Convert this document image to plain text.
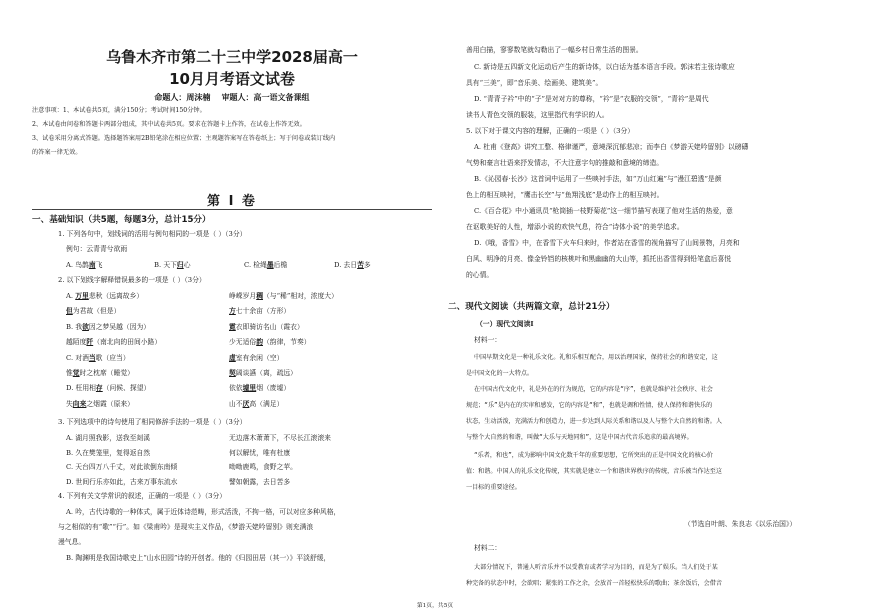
乌鲁木齐市第二十三中学2028届高一
10月月考语文试卷
命题人：周沫楠 审题人：高一语文备课组
注意事项：1、本试卷共5页，满分150分；考试时间150分钟。
2、本试卷由问卷和答题卡两部分组成，其中试卷共5页。要求在答题卡上作答，在试卷上作答无效。
3、试卷采用分离式答题。选择题答案用2B铅笔涂在相应位置；主观题答案写在答卷纸上；写于问卷或装订线内
的答案一律无效。
第 Ⅰ 卷
一、基础知识（共5题，每题3分，总计15分）
1. 下列各句中，划线词的活用与例句相同的一项是（ ）（3分）
例句：云青青兮欲雨
A. 鸟鹊南飞	B. 天下归心	C. 检绳墨后檐	D. 去日苦多
2. 以下划线字解释错误最多的一项是（ ）（3分）
A. 万里悲秋（远离故乡）	峥嵘岁月稠（与“稀”相对，浓度大）
但为君故（但是）	方七十余亩（方形）
B. 我欲因之梦吴越（因为）	霓衣即骑访名山（霞衣）
越陌度阡（南北向的田间小路）	少无适俗韵（韵律，节奏）
C. 对酒当歌（应当）	虚室有余闲（空）
惟觉时之枕席（睡觉）	契阔谈讌（离，疏远）
D. 枉用相存（问候、探望）	依依墟里烟（废墟）
失向来之烟霞（原来）	山不厌高（满足）
3. 下列选项中的诗句使用了相同修辞手法的一项是（ ）（3分）
A. 湖月照我影，送我至剡溪	无边落木萧萧下，不尽长江滚滚来
B. 久在樊笼里，复得返自然	何以解忧，唯有杜康
C. 天台四万八千丈，对此欲倒东南倾	呦呦鹿鸣，食野之苹。
D. 世间行乐亦如此，古来万事东流水	譬如朝露，去日苦多
4. 下列有关文学常识的叙述，正确的一项是（ ）（3分）
A. 吟，古代诗歌的一种体式，属于近体诗范畴，形式活泼，不拘一格，可以对应多种风格，
与之相似的有“歌”“行”。如《梁甫吟》是现实主义作品，《梦游天姥吟留别》则充满浪
漫气息。
B. 陶渊明是我国诗歌史上“山水田园”诗的开创者。他的《归园田居（其一）》平淡舒缓，
善用白描，寥寥数笔就勾勒出了一幅乡村日常生活的图景。
C. 新诗是五四新文化运动后产生的新诗体，以白话为基本语言手段。郭沫若主张诗歌应
具有“三美”，即“音乐美、绘画美、建筑美”。
D. “青青子衿”中的“子”是对对方的尊称，“衿”是“衣服的交领”，“青衿”是周代
读书人青色交领的服装，这里指代有学识的人。
5. 以下对于课文内容的理解，正确的一项是（ ）（3分）
A. 杜甫《登高》讲究工整、格律谨严，意境深沉郁悲凉；而李白《梦游天姥吟留别》以磅礴
气势和豪言壮语来抒发情志，不大注意字句的推敲和意境的缔造。
B.《沁园春·长沙》这首词中运用了一些映衬手法，如“万山红遍”与“漫江碧透”是颜
色上的相互映衬，“鹰击长空”与“鱼翔浅底”是动作上的相互映衬。
C.《百合花》中小通讯员“枪筒插一枝野菊花”这一细节描写表现了他对生活的热爱，意
在讴歌美好的人性，增添小说的欢快气息，符合“诗体小说”的美学追求。
D.《哦，香雪》中，在香雪下火车归来时，作者站在香雪的视角描写了山间景物，月亮和
白风、明净的月亮、像金铃铛的核桃叶和黑幽幽的大山等，抓托出香雪得到铅笔盒后喜悦
的心情。
二、现代文阅读（共两篇文章，总计21分）
（一）现代文阅读Ⅰ
材料一：
中国早期文化是一种礼乐文化。礼和乐相互配合，用以治理国家，保持社会的和谐安定，这
是中国文化的一大特点。
在中国古代文化中，礼是外在的行为规范，它的内容是“序”，也就是维护社会秩序、社会
规范；“乐”是内在的实审和感发，它的内容是“和”，也就是调和性情，使人保持和谐快乐的
状态，生动活泼，充满活力和创造力，进一步达到人际关系和谐以及人与整个大自然的和谐。人
与整个大自然的和谐，叫做“大乐与天地同和”，这是中国古代音乐追求的最高境界。
“乐者，和也”，成为影响中国文化数千年的重要思想，它所突出的正是中国文化的核心价
值：和谐。中国人的礼乐文化传统，其实就是建立一个和谐世界秩序的传统，音乐被当作达至这
一目标的重要途径。
（节选自叶朗、朱良志《以乐治国》）
材料二：
大部分情况下，普通人听音乐并不以受教育或者学习为目的，而是为了娱乐。当人们处于某
种完备的状态中时，会欲唱；紧张的工作之余，会放首一首轻松快乐的歌曲；茶余饭后，会借音
第1页，共5页
